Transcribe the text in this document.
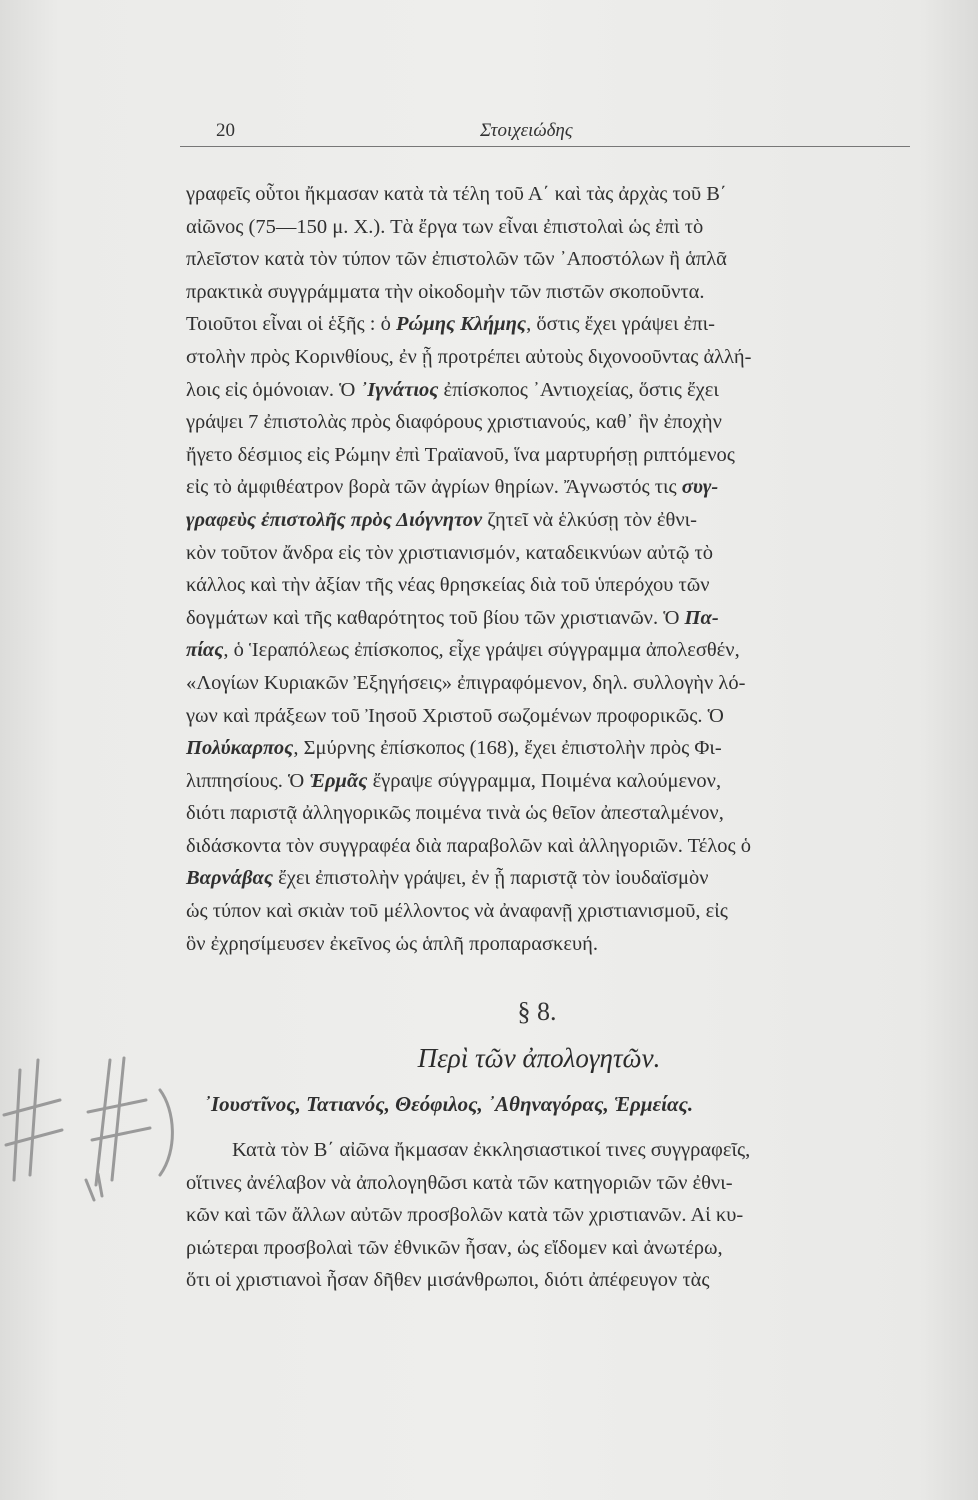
20	Στοιχειώδης

γραφεῖς οὗτοι ἤκμασαν κατὰ τὰ τέλη τοῦ Α΄ καὶ τὰς ἀρχὰς τοῦ Β΄

αἰῶνος (75—150 μ. Χ.). Τὰ ἔργα των εἶναι ἐπιστολαὶ ὡς ἐπὶ τὸ

πλεῖστον κατὰ τὸν τύπον τῶν ἐπιστολῶν τῶν ᾿Αποστόλων ἢ ἁπλᾶ

πρακτικὰ συγγράμματα τὴν οἰκοδομὴν τῶν πιστῶν σκοποῦντα.

Τοιοῦτοι εἶναι οἱ ἑξῆς : ὁ Ρώμης Κλήμης, ὅστις ἔχει γράψει ἐπι-

στολὴν πρὸς Κορινθίους, ἐν ᾗ προτρέπει αὐτοὺς διχονοοῦντας ἀλλή-

λοις εἰς ὁμόνοιαν. Ὁ ᾿Ιγνάτιος ἐπίσκοπος ᾿Αντιοχείας, ὅστις ἔχει

γράψει 7 ἐπιστολὰς πρὸς διαφόρους χριστιανούς, καθ᾿ ἣν ἐποχὴν

ἤγετο δέσμιος εἰς Ρώμην ἐπὶ Τραϊανοῦ, ἵνα μαρτυρήσῃ ριπτόμενος

εἰς τὸ ἀμφιθέατρον βορὰ τῶν ἀγρίων θηρίων. Ἄγνωστός τις συγ-

γραφεὺς ἐπιστολῆς πρὸς Διόγνητον ζητεῖ νὰ ἑλκύσῃ τὸν ἐθνι-

κὸν τοῦτον ἄνδρα εἰς τὸν χριστιανισμόν, καταδεικνύων αὐτῷ τὸ

κάλλος καὶ τὴν ἀξίαν τῆς νέας θρησκείας διὰ τοῦ ὑπερόχου τῶν

δογμάτων καὶ τῆς καθαρότητος τοῦ βίου τῶν χριστιανῶν. Ὁ Πα-

πίας, ὁ Ἱεραπόλεως ἐπίσκοπος, εἶχε γράψει σύγγραμμα ἀπολεσθέν,

«Λογίων Κυριακῶν Ἐξηγήσεις» ἐπιγραφόμενον, δηλ. συλλογὴν λό-

γων καὶ πράξεων τοῦ Ἰησοῦ Χριστοῦ σωζομένων προφορικῶς. Ὁ

Πολύκαρπος, Σμύρνης ἐπίσκοπος (168), ἔχει ἐπιστολὴν πρὸς Φι-

λιππησίους. Ὁ Ἑρμᾶς ἔγραψε σύγγραμμα, Ποιμένα καλούμενον,

διότι παριστᾷ ἀλληγορικῶς ποιμένα τινὰ ὡς θεῖον ἀπεσταλμένον,

διδάσκοντα τὸν συγγραφέα διὰ παραβολῶν καὶ ἀλληγοριῶν. Τέλος ὁ

Βαρνάβας ἔχει ἐπιστολὴν γράψει, ἐν ᾗ παριστᾷ τὸν ἰουδαϊσμὸν

ὡς τύπον καὶ σκιὰν τοῦ μέλλοντος νὰ ἀναφανῇ χριστιανισμοῦ, εἰς

ὃν ἐχρησίμευσεν ἐκεῖνος ὡς ἁπλῆ προπαρασκευή.

§ 8.
Περὶ τῶν ἀπολογητῶν.
᾿Ιουστῖνος, Τατιανός, Θεόφιλος, ᾿Αθηναγόρας, Ἑρμείας.

Κατὰ τὸν Β΄ αἰῶνα ἤκμασαν ἐκκλησιαστικοί τινες συγγραφεῖς,

οἵτινες ἀνέλαβον νὰ ἀπολογηθῶσι κατὰ τῶν κατηγοριῶν τῶν ἐθνι-

κῶν καὶ τῶν ἄλλων αὐτῶν προσβολῶν κατὰ τῶν χριστιανῶν. Αἱ κυ-

ριώτεραι προσβολαὶ τῶν ἐθνικῶν ἦσαν, ὡς εἴδομεν καὶ ἀνωτέρω,

ὅτι οἱ χριστιανοὶ ἦσαν δῆθεν μισάνθρωποι, διότι ἀπέφευγον τὰς
